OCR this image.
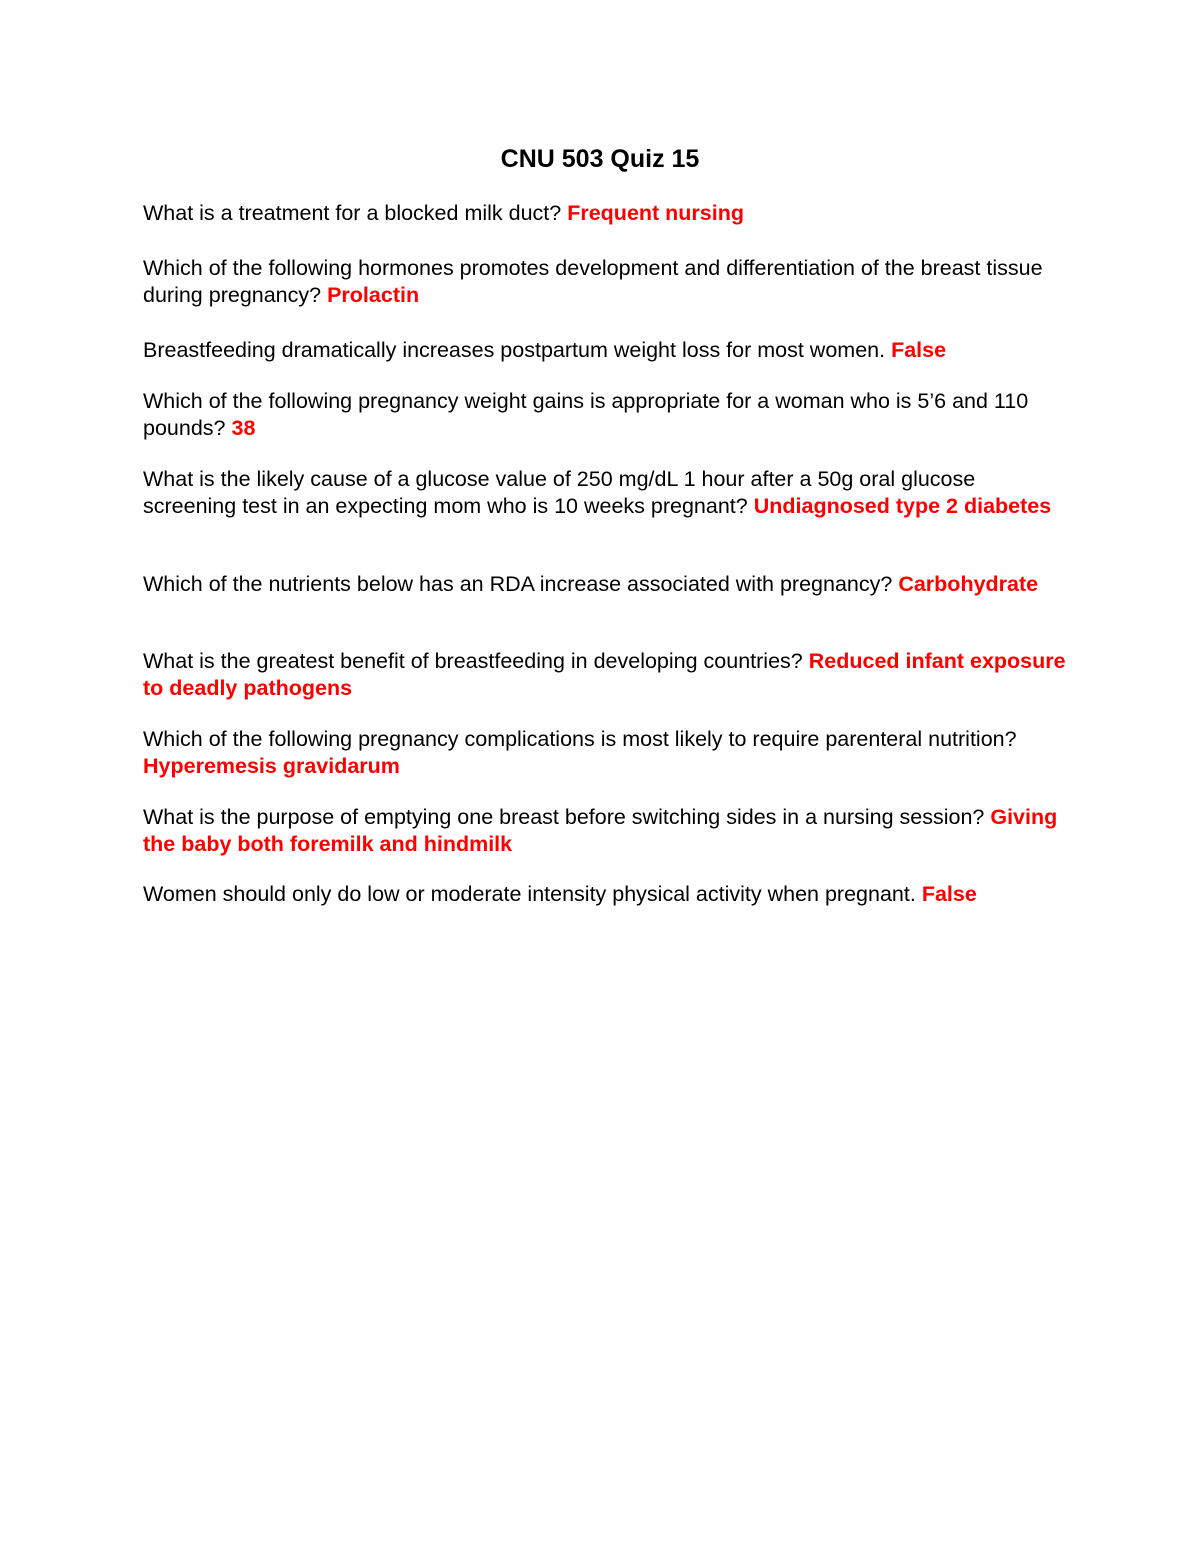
CNU 503 Quiz 15

What is a treatment for a blocked milk duct? Frequent nursing

Which of the following hormones promotes development and differentiation of the breast tissue during pregnancy? Prolactin

Breastfeeding dramatically increases postpartum weight loss for most women. False

Which of the following pregnancy weight gains is appropriate for a woman who is 5’6 and 110 pounds? 38

What is the likely cause of a glucose value of 250 mg/dL 1 hour after a 50g oral glucose screening test in an expecting mom who is 10 weeks pregnant? Undiagnosed type 2 diabetes

Which of the nutrients below has an RDA increase associated with pregnancy? Carbohydrate

What is the greatest benefit of breastfeeding in developing countries? Reduced infant exposure to deadly pathogens

Which of the following pregnancy complications is most likely to require parenteral nutrition? Hyperemesis gravidarum

What is the purpose of emptying one breast before switching sides in a nursing session? Giving the baby both foremilk and hindmilk

Women should only do low or moderate intensity physical activity when pregnant. False
